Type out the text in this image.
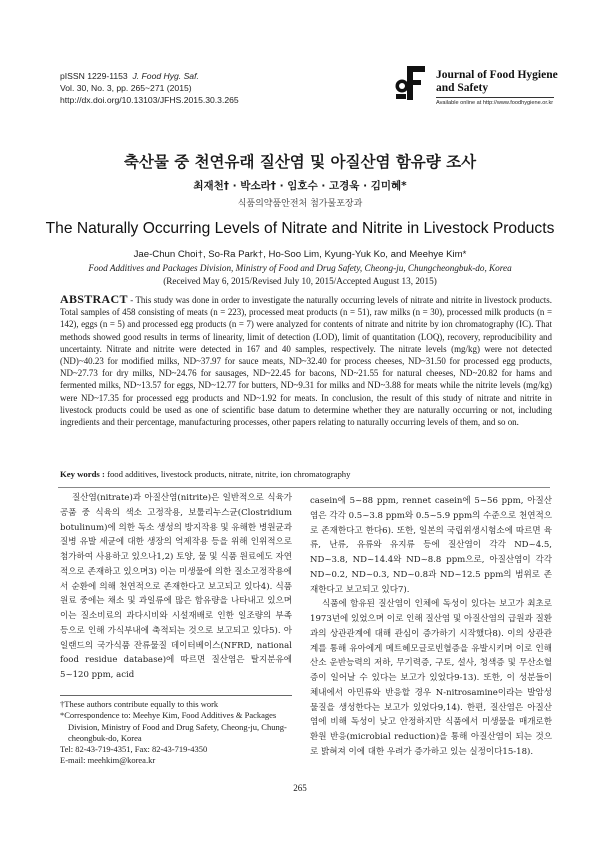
pISSN 1229-1153 J. Food Hyg. Saf.
Vol. 30, No. 3, pp. 265~271 (2015)
http://dx.doi.org/10.13103/JFHS.2015.30.3.265
Journal of Food Hygiene
and Safety
Available online at http://www.foodhygiene.or.kr
축산물 중 천연유래 질산염 및 아질산염 함유량 조사
최재천† · 박소라† · 임호수 · 고경욱 · 김미혜*
식품의약품안전처 첨가물포장과
The Naturally Occurring Levels of Nitrate and Nitrite in Livestock Products
Jae-Chun Choi†, So-Ra Park†, Ho-Soo Lim, Kyung-Yuk Ko, and Meehye Kim*
Food Additives and Packages Division, Ministry of Food and Drug Safety, Cheong-ju, Chungcheongbuk-do, Korea
(Received May 6, 2015/Revised July 10, 2015/Accepted August 13, 2015)
ABSTRACT - This study was done in order to investigate the naturally occurring levels of nitrate and nitrite in livestock products. Total samples of 458 consisting of meats (n = 223), processed meat products (n = 51), raw milks (n = 30), processed milk products (n = 142), eggs (n = 5) and processed egg products (n = 7) were analyzed for contents of nitrate and nitrite by ion chromatography (IC). That methods showed good results in terms of linearity, limit of detection (LOD), limit of quantitation (LOQ), recovery, reproducibility and uncertainty. Nitrate and nitrite were detected in 167 and 40 samples, respectively. The nitrate levels (mg/kg) were not detected (ND)~40.23 for modified milks, ND~37.97 for sauce meats, ND~32.40 for process cheeses, ND~31.50 for processed egg products, ND~27.73 for dry milks, ND~24.76 for sausages, ND~22.45 for bacons, ND~21.55 for natural cheeses, ND~20.82 for hams and fermented milks, ND~13.57 for eggs, ND~12.77 for butters, ND~9.31 for milks and ND~3.88 for meats while the nitrite levels (mg/kg) were ND~17.35 for processed egg products and ND~1.92 for meats. In conclusion, the result of this study of nitrate and nitrite in livestock products could be used as one of scientific base datum to determine whether they are naturally occurring or not, including ingredients and their percentage, manufacturing processes, other papers relating to naturally occurring levels of them, and so on.
Key words : food additives, livestock products, nitrate, nitrite, ion chromatography
질산염(nitrate)과 아질산염(nitrite)은 일반적으로 식육가공품 중 식육의 색소 고정작용, 보툴리누스균(Clostridium botulinum)에 의한 독소 생성의 방지작용 및 유해한 병원균과 질병 유발 세균에 대한 생장의 억제작용 등을 위해 인위적으로 첨가하여 사용하고 있으나1,2) 토양, 물 및 식품 원료에도 자연적으로 존재하고 있으며3) 이는 미생물에 의한 질소고정작용에서 순환에 의해 천연적으로 존재한다고 보고되고 있다4). 식품 원료 중에는 채소 및 과일류에 많은 함유량을 나타내고 있으며 이는 질소비료의 과다시비와 시설재배로 인한 일조량의 부족 등으로 인해 가식부내에 축적되는 것으로 보고되고 있다5). 아일랜드의 국가식품 잔류물질 데이터베이스(NFRD, national food residue database)에 따르면 질산염은 탈지분유에 5~120 ppm, acid
casein에 5~88 ppm, rennet casein에 5~56 ppm, 아질산염은 각각 0.5~3.8 ppm와 0.5~5.9 ppm의 수준으로 천연적으로 존재한다고 한다6). 또한, 일본의 국립위생시험소에 따르면 육류, 난류, 유류와 유지류 등에 질산염이 각각 ND~4.5, ND~3.8, ND~14.4와 ND~8.8 ppm으로, 아질산염이 각각 ND~0.2, ND~0.3, ND~0.8과 ND~12.5 ppm의 범위로 존재한다고 보고되고 있다7).
식품에 함유된 질산염이 인체에 독성이 있다는 보고가 최초로 1973년에 있었으며 이로 인해 질산염 및 아질산염의 급원과 질환과의 상관관계에 대해 관심이 증가하기 시작했다8). 이의 상관관계를 통해 유아에게 메트헤모글로빈혈증을 유발시키며 이로 인해 산소 운반능력의 저하, 무기력증, 구토, 설사, 청색증 및 무산소혈증이 일어날 수 있다는 보고가 있었다9-13). 또한, 이 성분들이 체내에서 아민류와 반응할 경우 N-nitrosamine이라는 발암성 물질을 생성한다는 보고가 있었다9,14). 한편, 질산염은 아질산염에 비해 독성이 낮고 안정하지만 식품에서 미생물을 매개로한 환원 반응(microbial reduction)을 통해 아질산염이 되는 것으로 밝혀져 이에 대한 우려가 증가하고 있는 실정이다15-18).
†These authors contribute equally to this work
*Correspondence to: Meehye Kim, Food Additives & Packages
Division, Ministry of Food and Drug Safety, Cheong-ju, Chung-
cheongbuk-do, Korea
Tel: 82-43-719-4351, Fax: 82-43-719-4350
E-mail: meehkim@korea.kr
265
